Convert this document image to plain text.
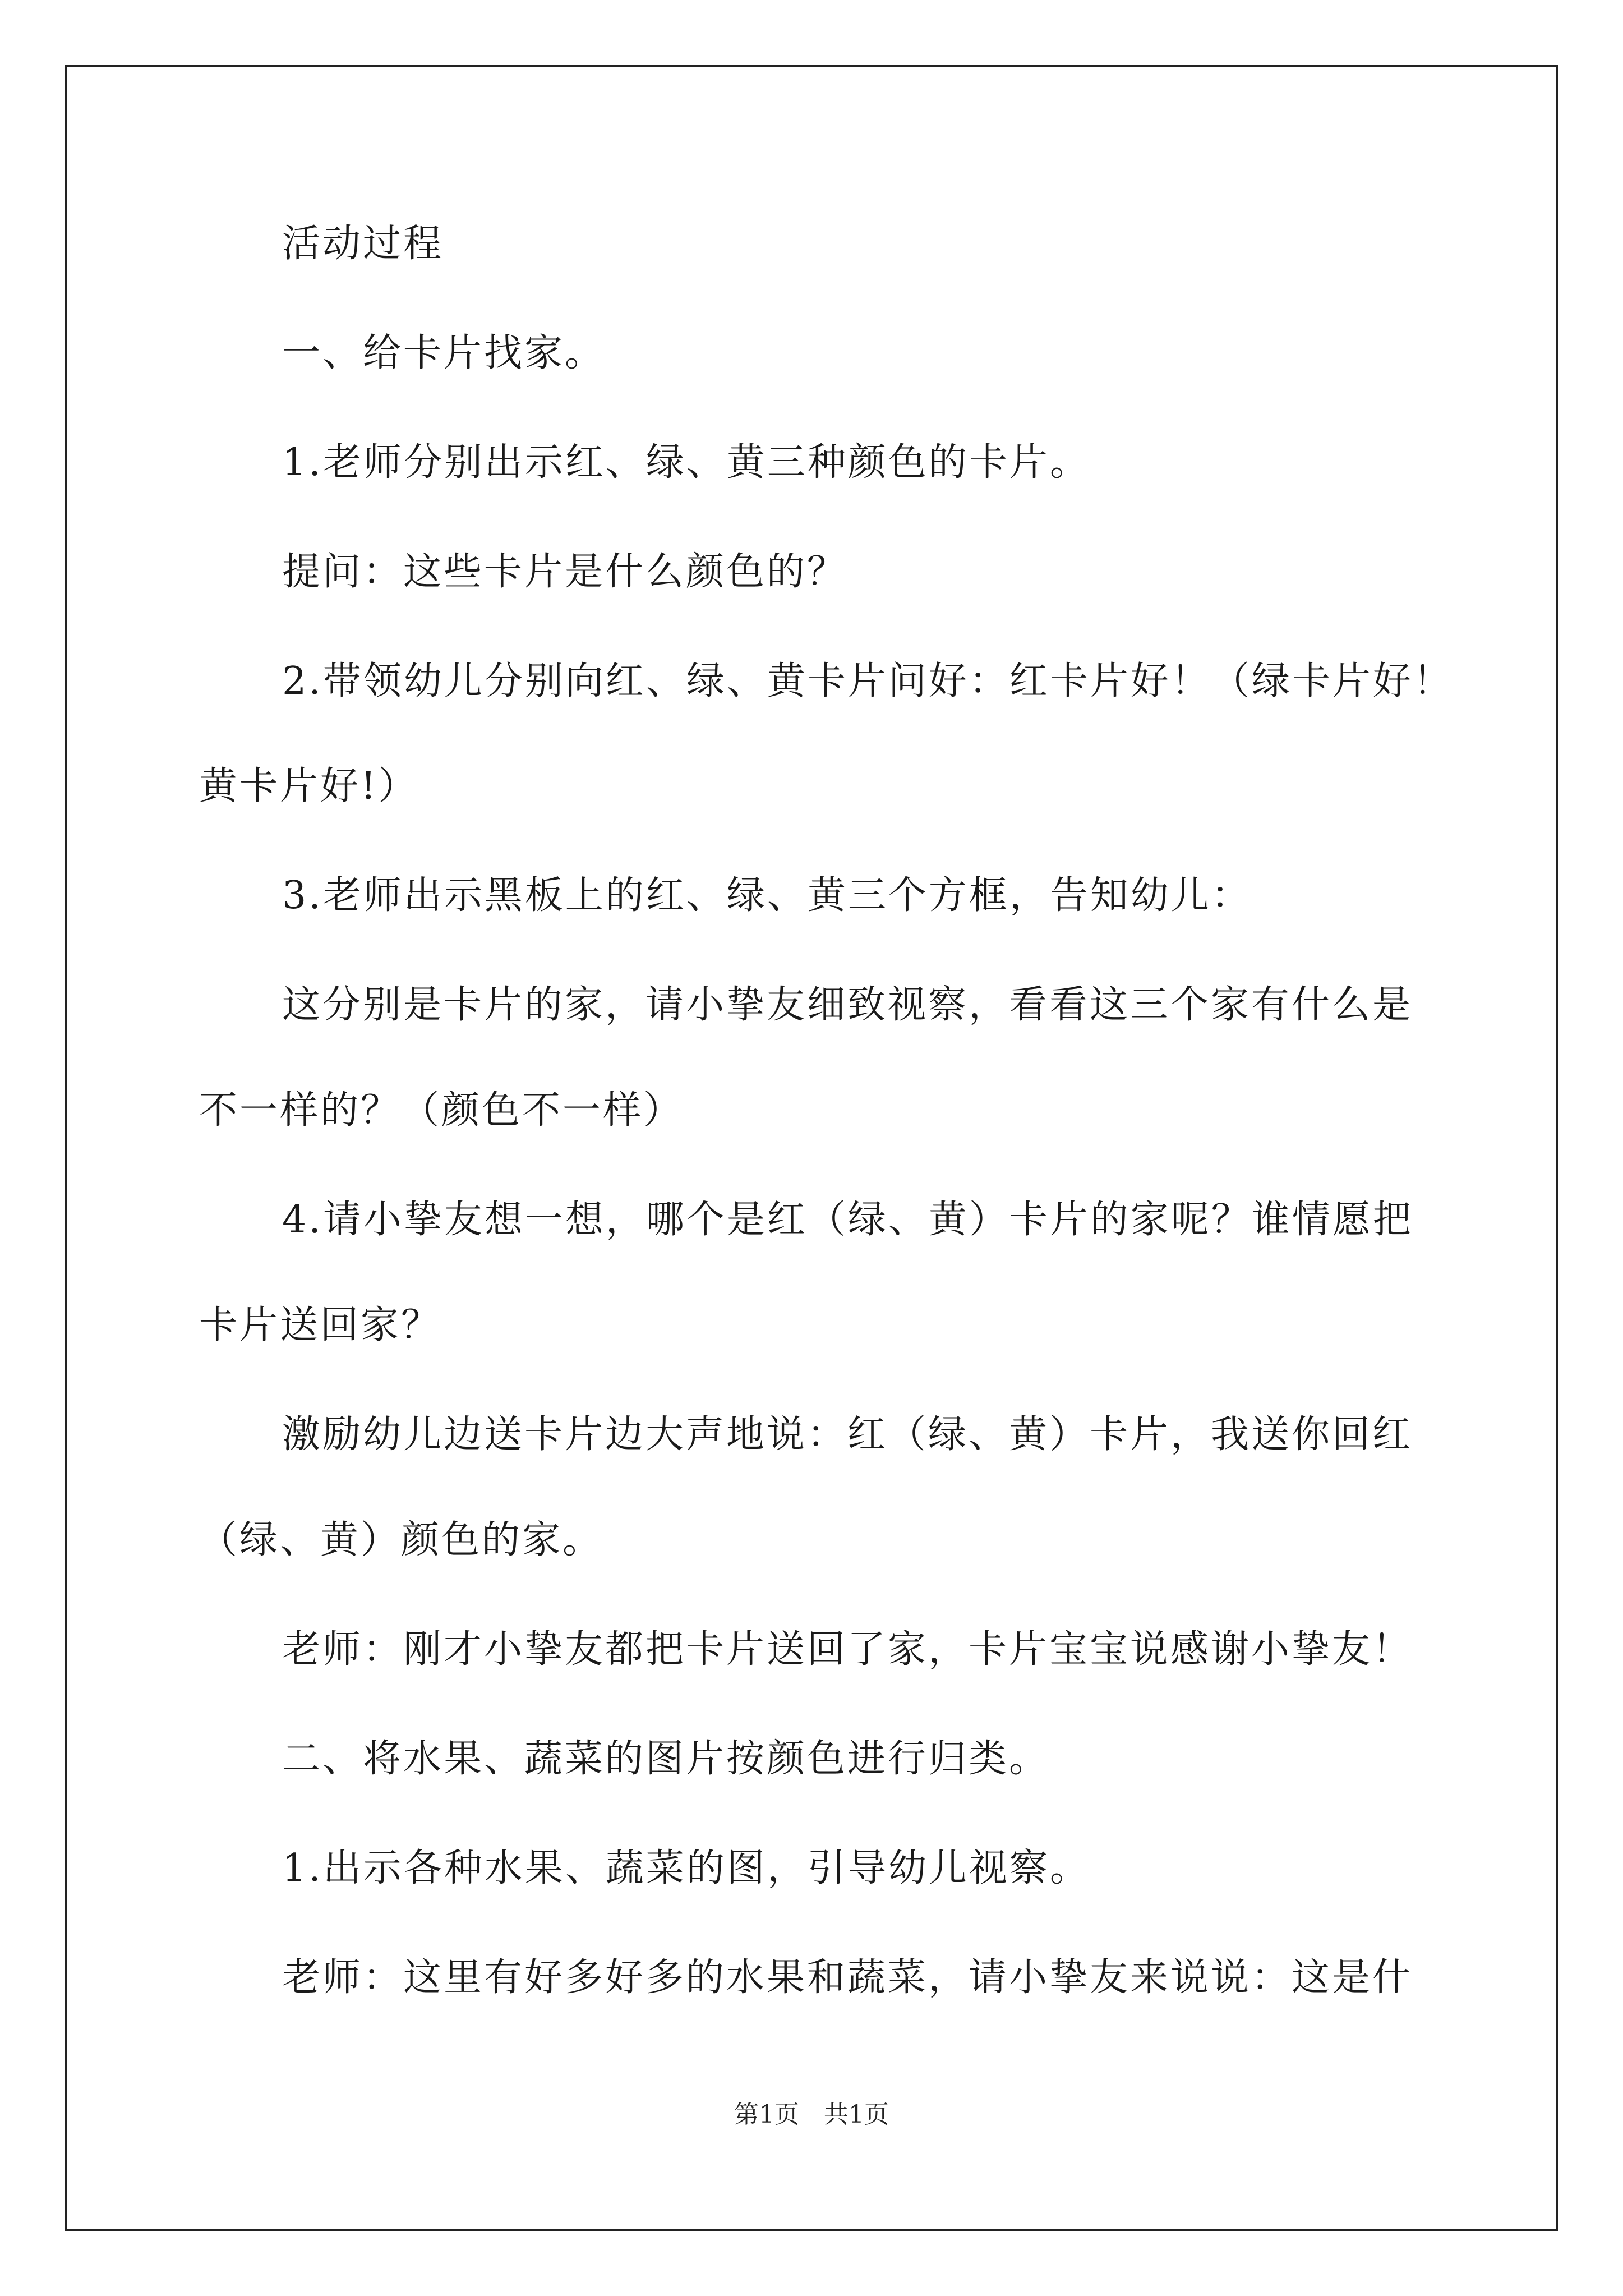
活动过程
一、给卡片找家。
1.老师分别出示红、绿、黄三种颜色的卡片。
提问：这些卡片是什么颜色的？
2.带领幼儿分别向红、绿、黄卡片问好：红卡片好！（绿卡片好！
黄卡片好!）
3.老师出示黑板上的红、绿、黄三个方框，告知幼儿：
这分别是卡片的家，请小挚友细致视察，看看这三个家有什么是
不一样的？（颜色不一样）
4.请小挚友想一想，哪个是红（绿、黄）卡片的家呢？谁情愿把
卡片送回家？
激励幼儿边送卡片边大声地说：红（绿、黄）卡片，我送你回红
（绿、黄）颜色的家。
老师：刚才小挚友都把卡片送回了家，卡片宝宝说感谢小挚友！
二、将水果、蔬菜的图片按颜色进行归类。
1.出示各种水果、蔬菜的图，引导幼儿视察。
老师：这里有好多好多的水果和蔬菜，请小挚友来说说：这是什
第1页　共1页
